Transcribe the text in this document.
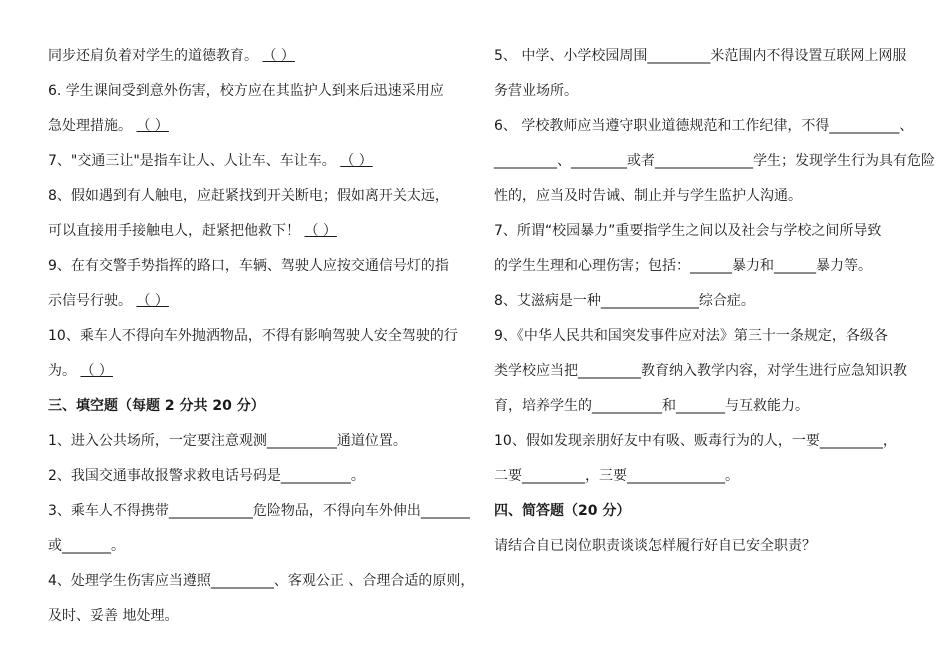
同步还肩负着对学生的道德教育。 （ ）
6. 学生课间受到意外伤害，校方应在其监护人到来后迅速采用应
急处理措施。 （ ）
7、"交通三让"是指车让人、人让车、车让车。 （ ）
8、假如遇到有人触电，应赶紧找到开关断电；假如离开关太远，
可以直接用手接触电人，赶紧把他救下！ （ ）
9、在有交警手势指挥的路口，车辆、驾驶人应按交通信号灯的指
示信号行驶。 （ ）
10、乘车人不得向车外抛洒物品，不得有影响驾驶人安全驾驶的行
为。 （ ）
三、填空题（每题 2 分共 20 分）
1、进入公共场所，一定要注意观测__________通道位置。
2、我国交通事故报警求救电话号码是__________。
3、乘车人不得携带____________危险物品，不得向车外伸出_______
或_______。
4、处理学生伤害应当遵照_________、客观公正 、合理合适的原则，
及时、妥善 地处理。
5、 中学、小学校园周围_________米范围内不得设置互联网上网服
务营业场所。
6、 学校教师应当遵守职业道德规范和工作纪律，不得__________、
_________、________或者______________学生；发现学生行为具有危险
性的，应当及时告诫、制止并与学生监护人沟通。
7、所谓“校园暴力”重要指学生之间以及社会与学校之间所导致
的学生生理和心理伤害；包括：______暴力和______暴力等。
8、艾滋病是一种______________综合症。
9、《中华人民共和国突发事件应对法》第三十一条规定，各级各
类学校应当把_________教育纳入教学内容，对学生进行应急知识教
育，培养学生的__________和_______与互救能力。
10、假如发现亲朋好友中有吸、贩毒行为的人，一要_________，
二要_________，三要______________。
四、简答题（20 分）
请结合自已岗位职责谈谈怎样履行好自已安全职责？
